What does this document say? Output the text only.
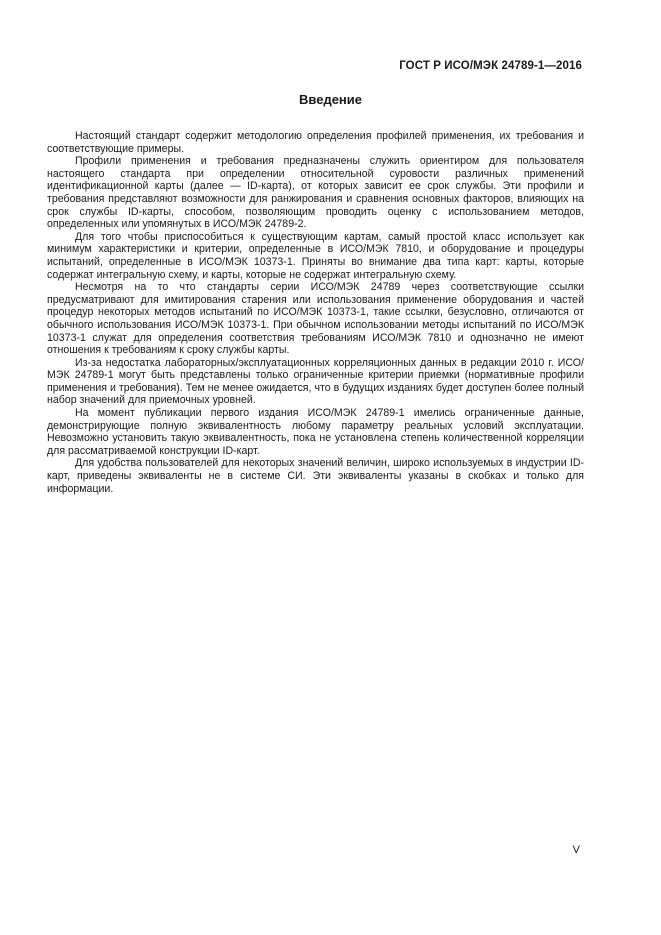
ГОСТ Р ИСО/МЭК 24789-1—2016
Введение

Настоящий стандарт содержит методологию определения профилей применения, их требования и соответствующие примеры.

Профили применения и требования предназначены служить ориентиром для пользователя настоящего стандарта при определении относительной суровости различных применений идентификационной карты (далее — ID-карта), от которых зависит ее срок службы. Эти профили и требования представляют возможности для ранжирования и сравнения основных факторов, влияющих на срок службы ID-карты, способом, позволяющим проводить оценку с использованием методов, определенных или упомянутых в ИСО/МЭК 24789-2.

Для того чтобы приспособиться к существующим картам, самый простой класс использует как минимум характеристики и критерии, определенные в ИСО/МЭК 7810, и оборудование и процедуры испытаний, определенные в ИСО/МЭК 10373-1. Приняты во внимание два типа карт: карты, которые содержат интегральную схему, и карты, которые не содержат интегральную схему.

Несмотря на то что стандарты серии ИСО/МЭК 24789 через соответствующие ссылки предусматривают для имитирования старения или использования применение оборудования и частей процедур некоторых методов испытаний по ИСО/МЭК 10373-1, такие ссылки, безусловно, отличаются от обычного использования ИСО/МЭК 10373-1. При обычном использовании методы испытаний по ИСО/МЭК 10373-1 служат для определения соответствия требованиям ИСО/МЭК 7810 и однозначно не имеют отношения к требованиям к сроку службы карты.

Из-за недостатка лабораторных/эксплуатационных корреляционных данных в редакции 2010 г. ИСО/МЭК 24789-1 могут быть представлены только ограниченные критерии приемки (нормативные профили применения и требования). Тем не менее ожидается, что в будущих изданиях будет доступен более полный набор значений для приемочных уровней.

На момент публикации первого издания ИСО/МЭК 24789-1 имелись ограниченные данные, демонстрирующие полную эквивалентность любому параметру реальных условий эксплуатации. Невозможно установить такую эквивалентность, пока не установлена степень количественной корреляции для рассматриваемой конструкции ID-карт.

Для удобства пользователей для некоторых значений величин, широко используемых в индустрии ID-карт, приведены эквиваленты не в системе СИ. Эти эквиваленты указаны в скобках и только для информации.

V
